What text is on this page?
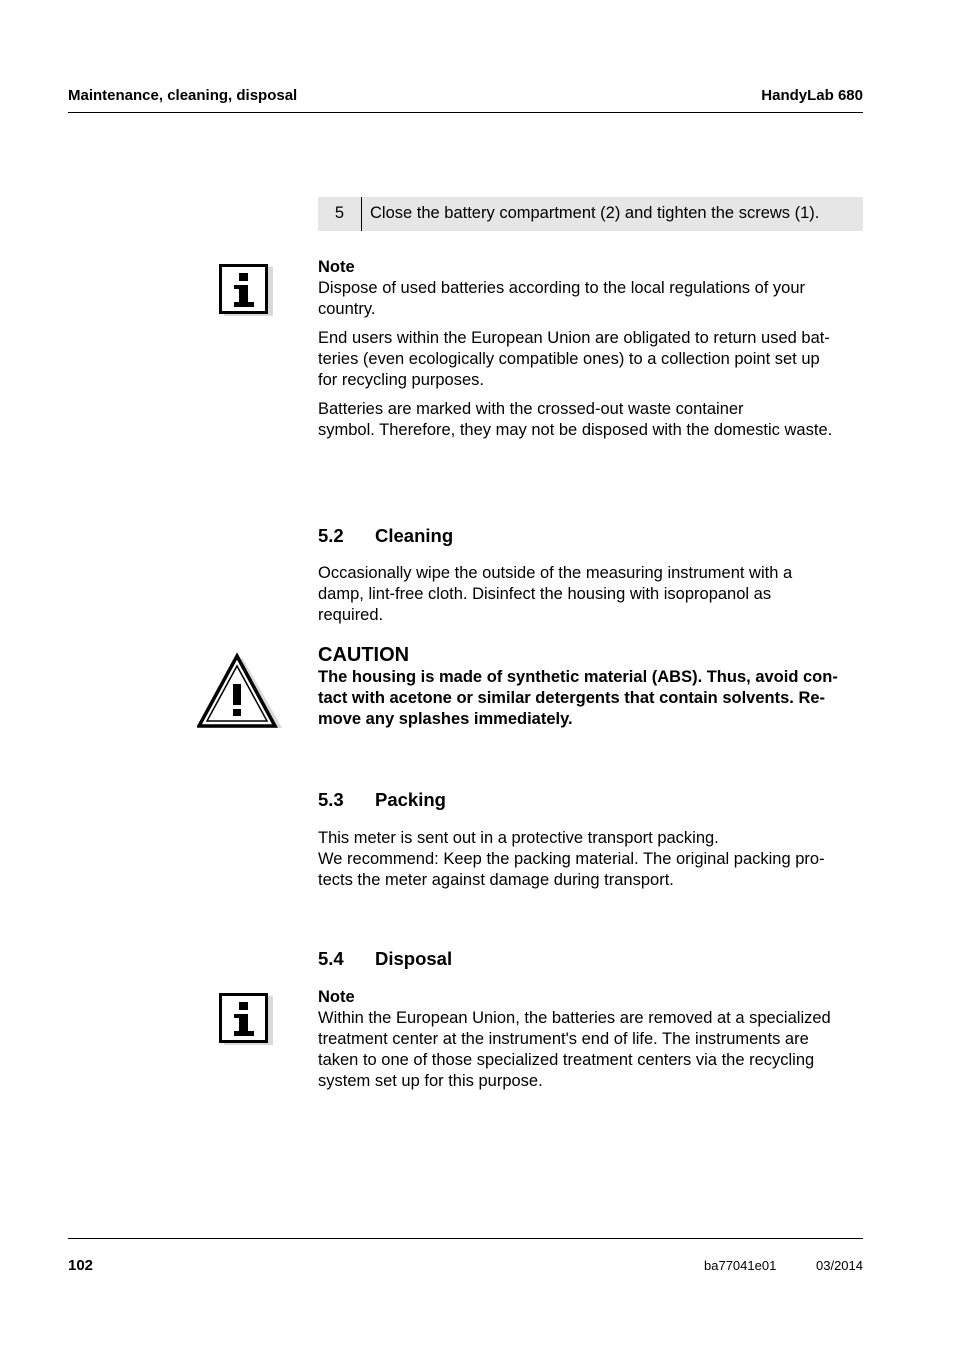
Maintenance, cleaning, disposal	HandyLab 680
5	Close the battery compartment (2) and tighten the screws (1).

Note

Dispose of used batteries according to the local regulations of your

country.

End users within the European Union are obligated to return used bat-

teries (even ecologically compatible ones) to a collection point set up

for recycling purposes.

Batteries are marked with the crossed-out waste container

symbol. Therefore, they may not be disposed with the domestic waste.

5.2 Cleaning

Occasionally wipe the outside of the measuring instrument with a

damp, lint-free cloth. Disinfect the housing with isopropanol as

required.

CAUTION

The housing is made of synthetic material (ABS). Thus, avoid con-

tact with acetone or similar detergents that contain solvents. Re-

move any splashes immediately.

5.3 Packing

This meter is sent out in a protective transport packing.

We recommend: Keep the packing material. The original packing pro-

tects the meter against damage during transport.

5.4 Disposal

Note

Within the European Union, the batteries are removed at a specialized

treatment center at the instrument's end of life. The instruments are

taken to one of those specialized treatment centers via the recycling

system set up for this purpose.

102	ba77041e01	03/2014
